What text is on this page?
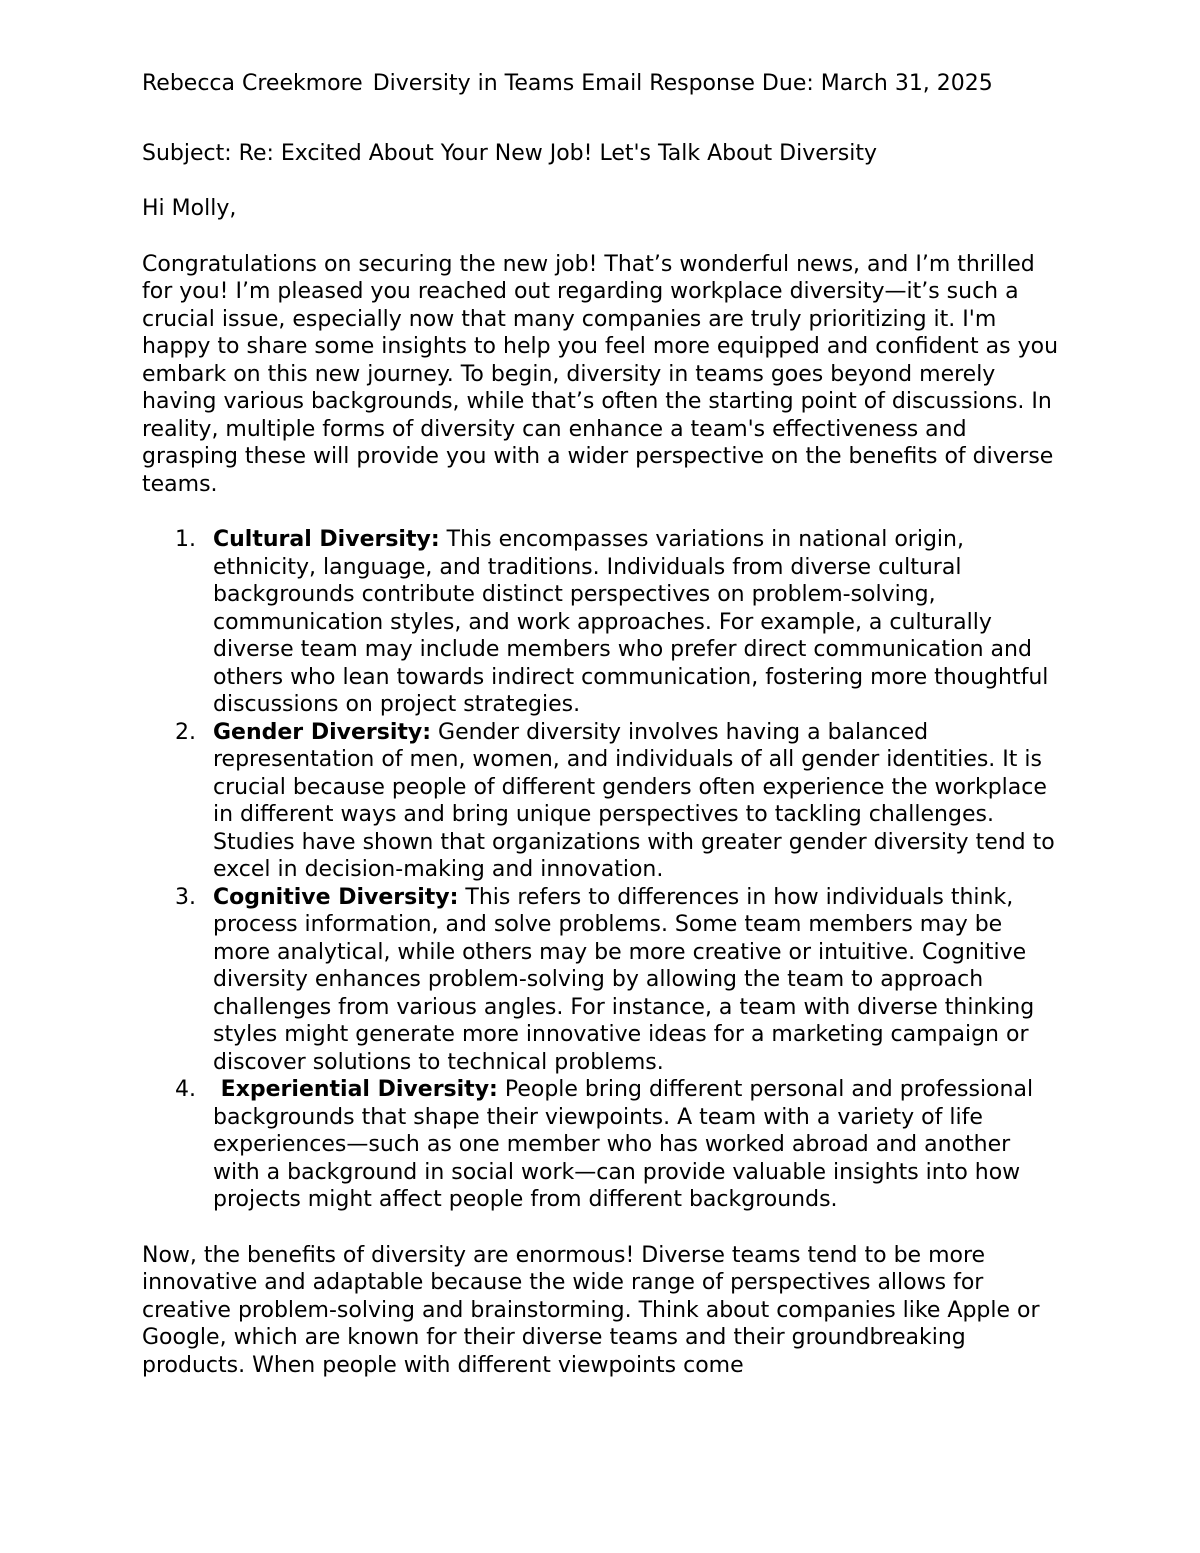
Rebecca Creekmore Diversity in Teams Email Response Due: March 31, 2025

Subject: Re: Excited About Your New Job! Let's Talk About Diversity

Hi Molly,

Congratulations on securing the new job! That’s wonderful news, and I’m thrilled for you! I’m pleased you reached out regarding workplace diversity—it’s such a crucial issue, especially now that many companies are truly prioritizing it. I'm happy to share some insights to help you feel more equipped and confident as you embark on this new journey. To begin, diversity in teams goes beyond merely having various backgrounds, while that’s often the starting point of discussions. In reality, multiple forms of diversity can enhance a team's effectiveness and grasping these will provide you with a wider perspective on the benefits of diverse teams.

1. Cultural Diversity: This encompasses variations in national origin, ethnicity, language, and traditions. Individuals from diverse cultural backgrounds contribute distinct perspectives on problem-solving, communication styles, and work approaches. For example, a culturally diverse team may include members who prefer direct communication and others who lean towards indirect communication, fostering more thoughtful discussions on project strategies.
2. Gender Diversity: Gender diversity involves having a balanced representation of men, women, and individuals of all gender identities. It is crucial because people of different genders often experience the workplace in different ways and bring unique perspectives to tackling challenges. Studies have shown that organizations with greater gender diversity tend to excel in decision-making and innovation.
3. Cognitive Diversity: This refers to differences in how individuals think, process information, and solve problems. Some team members may be more analytical, while others may be more creative or intuitive. Cognitive diversity enhances problem-solving by allowing the team to approach challenges from various angles. For instance, a team with diverse thinking styles might generate more innovative ideas for a marketing campaign or discover solutions to technical problems.
4. Experiential Diversity: People bring different personal and professional backgrounds that shape their viewpoints. A team with a variety of life experiences—such as one member who has worked abroad and another with a background in social work—can provide valuable insights into how projects might affect people from different backgrounds.

Now, the benefits of diversity are enormous! Diverse teams tend to be more innovative and adaptable because the wide range of perspectives allows for creative problem-solving and brainstorming. Think about companies like Apple or Google, which are known for their diverse teams and their groundbreaking products. When people with different viewpoints come
